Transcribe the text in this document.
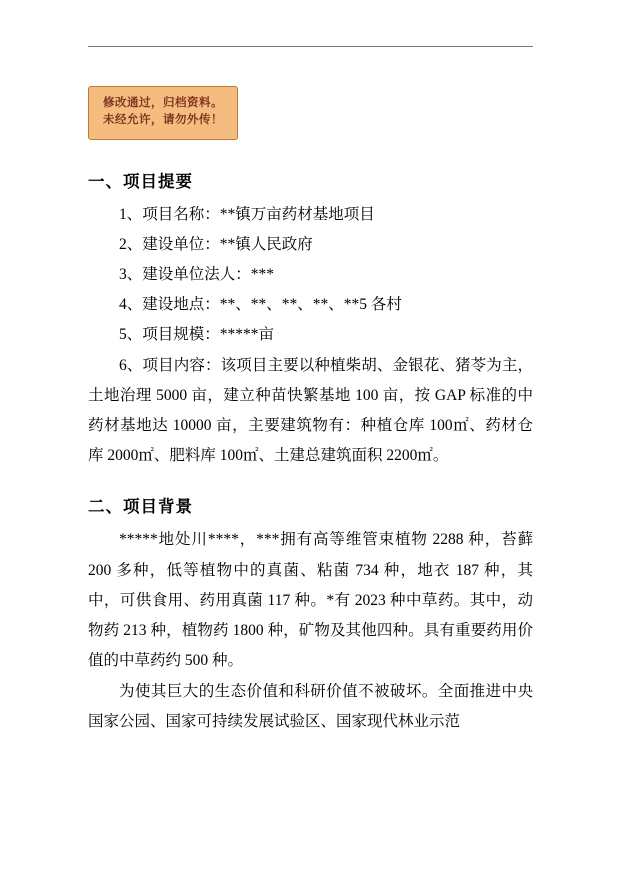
修改通过，归档资料。
未经允许，请勿外传！
一、项目提要

1、项目名称：**镇万亩药材基地项目

2、建设单位：**镇人民政府

3、建设单位法人：***

4、建设地点：**、**、**、**、**5 各村

5、项目规模：*****亩

6、项目内容：该项目主要以种植柴胡、金银花、猪苓为主，土地治理 5000 亩，建立种苗快繁基地 100 亩，按 GAP 标准的中药材基地达 10000 亩，主要建筑物有：种植仓库 100㎡、药材仓库 2000㎡、肥料库 100㎡、土建总建筑面积 2200㎡。

二、项目背景

*****地处川****，***拥有高等维管束植物 2288 种，苔藓 200 多种，低等植物中的真菌、粘菌 734 种，地衣 187 种，其中，可供食用、药用真菌 117 种。*有 2023 种中草药。其中，动物药 213 种，植物药 1800 种，矿物及其他四种。具有重要药用价值的中草药约 500 种。

为使其巨大的生态价值和科研价值不被破坏。全面推进中央国家公园、国家可持续发展试验区、国家现代林业示范
